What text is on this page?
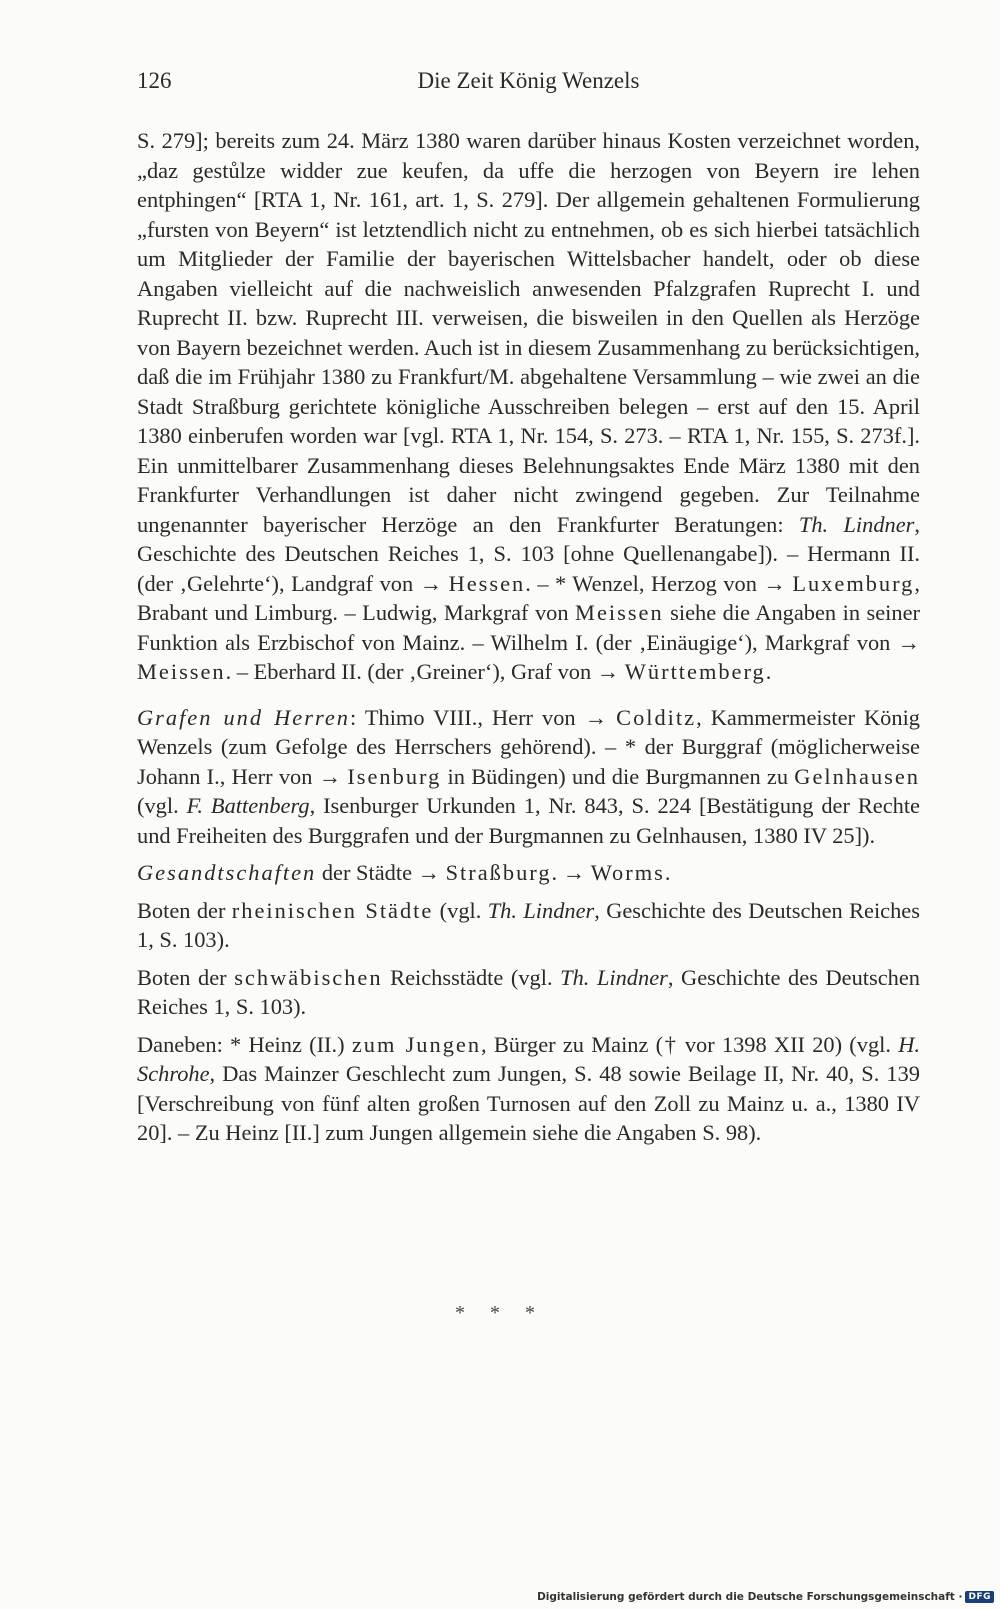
126	Die Zeit König Wenzels

S. 279]; bereits zum 24. März 1380 waren darüber hinaus Kosten verzeichnet worden, „daz gestůlze widder zue keufen, da uffe die herzogen von Beyern ire lehen entphingen“ [RTA 1, Nr. 161, art. 1, S. 279]. Der allgemein gehaltenen Formulierung „fursten von Beyern“ ist letztendlich nicht zu entnehmen, ob es sich hierbei tatsächlich um Mitglieder der Familie der bayerischen Wittelsbacher handelt, oder ob diese Angaben vielleicht auf die nachweislich anwesenden Pfalzgrafen Ruprecht I. und Ruprecht II. bzw. Ruprecht III. verweisen, die bisweilen in den Quellen als Herzöge von Bayern bezeichnet werden. Auch ist in diesem Zusammenhang zu berücksichtigen, daß die im Frühjahr 1380 zu Frankfurt/M. abgehaltene Versammlung – wie zwei an die Stadt Straßburg gerichtete königliche Ausschreiben belegen – erst auf den 15. April 1380 einberufen worden war [vgl. RTA 1, Nr. 154, S. 273. – RTA 1, Nr. 155, S. 273f.]. Ein unmittelbarer Zusammenhang dieses Belehnungsaktes Ende März 1380 mit den Frankfurter Verhandlungen ist daher nicht zwingend gegeben. Zur Teilnahme ungenannter bayerischer Herzöge an den Frankfurter Beratungen: Th. Lindner, Geschichte des Deutschen Reiches 1, S. 103 [ohne Quellenangabe]). – Hermann II. (der ‚Gelehrte‘), Landgraf von → Hessen. – * Wenzel, Herzog von → Luxemburg, Brabant und Limburg. – Ludwig, Markgraf von Meissen siehe die Angaben in seiner Funktion als Erzbischof von Mainz. – Wilhelm I. (der ‚Einäugige‘), Markgraf von → Meissen. – Eberhard II. (der ‚Greiner‘), Graf von → Württemberg.

Grafen und Herren: Thimo VIII., Herr von → Colditz, Kammermeister König Wenzels (zum Gefolge des Herrschers gehörend). – * der Burggraf (möglicherweise Johann I., Herr von → Isenburg in Büdingen) und die Burgmannen zu Gelnhausen (vgl. F. Battenberg, Isenburger Urkunden 1, Nr. 843, S. 224 [Bestätigung der Rechte und Freiheiten des Burggrafen und der Burgmannen zu Gelnhausen, 1380 IV 25]).

Gesandtschaften der Städte → Straßburg. → Worms.

Boten der rheinischen Städte (vgl. Th. Lindner, Geschichte des Deutschen Reiches 1, S. 103).

Boten der schwäbischen Reichsstädte (vgl. Th. Lindner, Geschichte des Deutschen Reiches 1, S. 103).

Daneben: * Heinz (II.) zum Jungen, Bürger zu Mainz († vor 1398 XII 20) (vgl. H. Schrohe, Das Mainzer Geschlecht zum Jungen, S. 48 sowie Beilage II, Nr. 40, S. 139 [Verschreibung von fünf alten großen Turnosen auf den Zoll zu Mainz u. a., 1380 IV 20]. – Zu Heinz [II.] zum Jungen allgemein siehe die Angaben S. 98).

* * *
Digitalisierung gefördert durch die Deutsche Forschungsgemeinschaft · DFG
